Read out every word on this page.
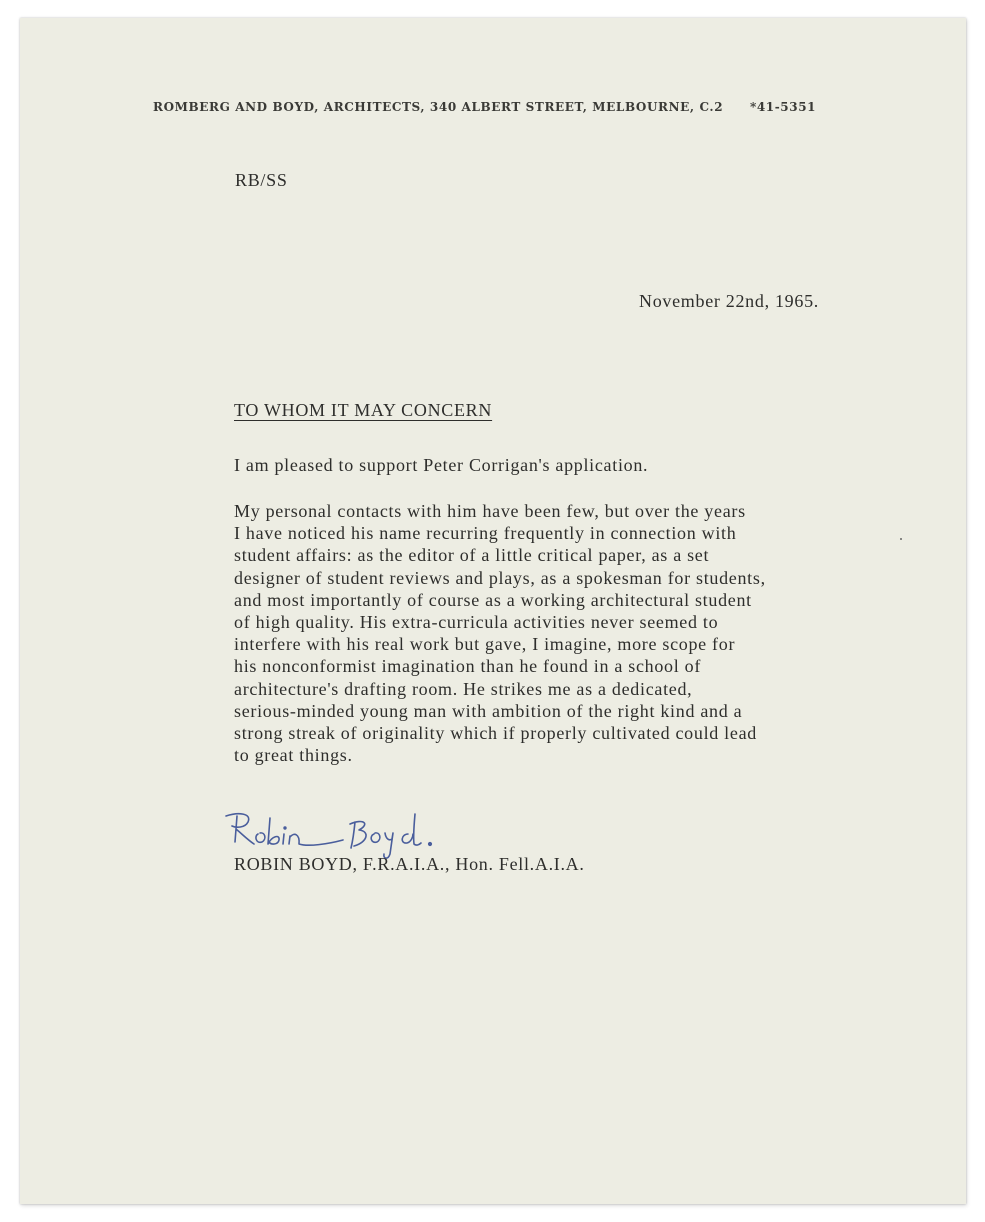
ROMBERG AND BOYD, ARCHITECTS, 340 ALBERT STREET, MELBOURNE, C.2 *41-5351
RB/SS
November 22nd, 1965.
TO WHOM IT MAY CONCERN
I am pleased to support Peter Corrigan's application.

My personal contacts with him have been few, but over the years
I have noticed his name recurring frequently in connection with
student affairs: as the editor of a little critical paper, as a set
designer of student reviews and plays, as a spokesman for students,
and most importantly of course as a working architectural student
of high quality. His extra-curricula activities never seemed to
interfere with his real work but gave, I imagine, more scope for
his nonconformist imagination than he found in a school of
architecture's drafting room. He strikes me as a dedicated,
serious-minded young man with ambition of the right kind and a
strong streak of originality which if properly cultivated could lead
to great things.

ROBIN BOYD, F.R.A.I.A., Hon. Fell.A.I.A.
